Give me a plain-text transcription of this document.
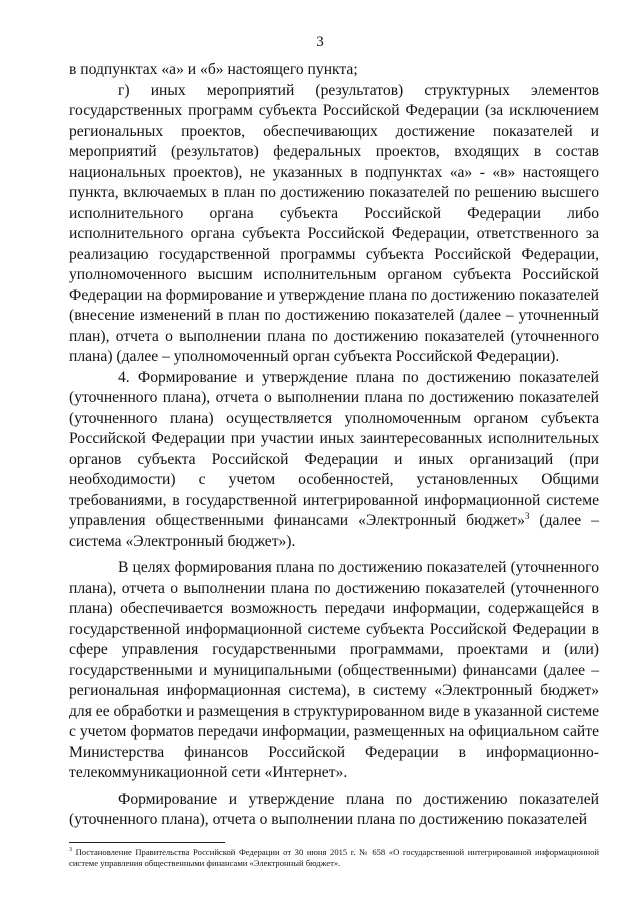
3

в подпунктах «а» и «б» настоящего пункта;

г) иных мероприятий (результатов) структурных элементов государственных программ субъекта Российской Федерации (за исключением региональных проектов, обеспечивающих достижение показателей и мероприятий (результатов) федеральных проектов, входящих в состав национальных проектов), не указанных в подпунктах «а» - «в» настоящего пункта, включаемых в план по достижению показателей по решению высшего исполнительного органа субъекта Российской Федерации либо исполнительного органа субъекта Российской Федерации, ответственного за реализацию государственной программы субъекта Российской Федерации, уполномоченного высшим исполнительным органом субъекта Российской Федерации на формирование и утверждение плана по достижению показателей (внесение изменений в план по достижению показателей (далее – уточненный план), отчета о выполнении плана по достижению показателей (уточненного плана) (далее – уполномоченный орган субъекта Российской Федерации).

4. Формирование и утверждение плана по достижению показателей (уточненного плана), отчета о выполнении плана по достижению показателей (уточненного плана) осуществляется уполномоченным органом субъекта Российской Федерации при участии иных заинтересованных исполнительных органов субъекта Российской Федерации и иных организаций (при необходимости) с учетом особенностей, установленных Общими требованиями, в государственной интегрированной информационной системе управления общественными финансами «Электронный бюджет»$^3$ (далее – система «Электронный бюджет»).

В целях формирования плана по достижению показателей (уточненного плана), отчета о выполнении плана по достижению показателей (уточненного плана) обеспечивается возможность передачи информации, содержащейся в государственной информационной системе субъекта Российской Федерации в сфере управления государственными программами, проектами и (или) государственными и муниципальными (общественными) финансами (далее – региональная информационная система), в систему «Электронный бюджет» для ее обработки и размещения в структурированном виде в указанной системе с учетом форматов передачи информации, размещенных на официальном сайте Министерства финансов Российской Федерации в информационно-телекоммуникационной сети «Интернет».

Формирование и утверждение плана по достижению показателей (уточненного плана), отчета о выполнении плана по достижению показателей

$^3$ Постановление Правительства Российской Федерации от 30 июня 2015 г. № 658 «О государственной интегрированной информационной системе управления общественными финансами «Электронный бюджет».
